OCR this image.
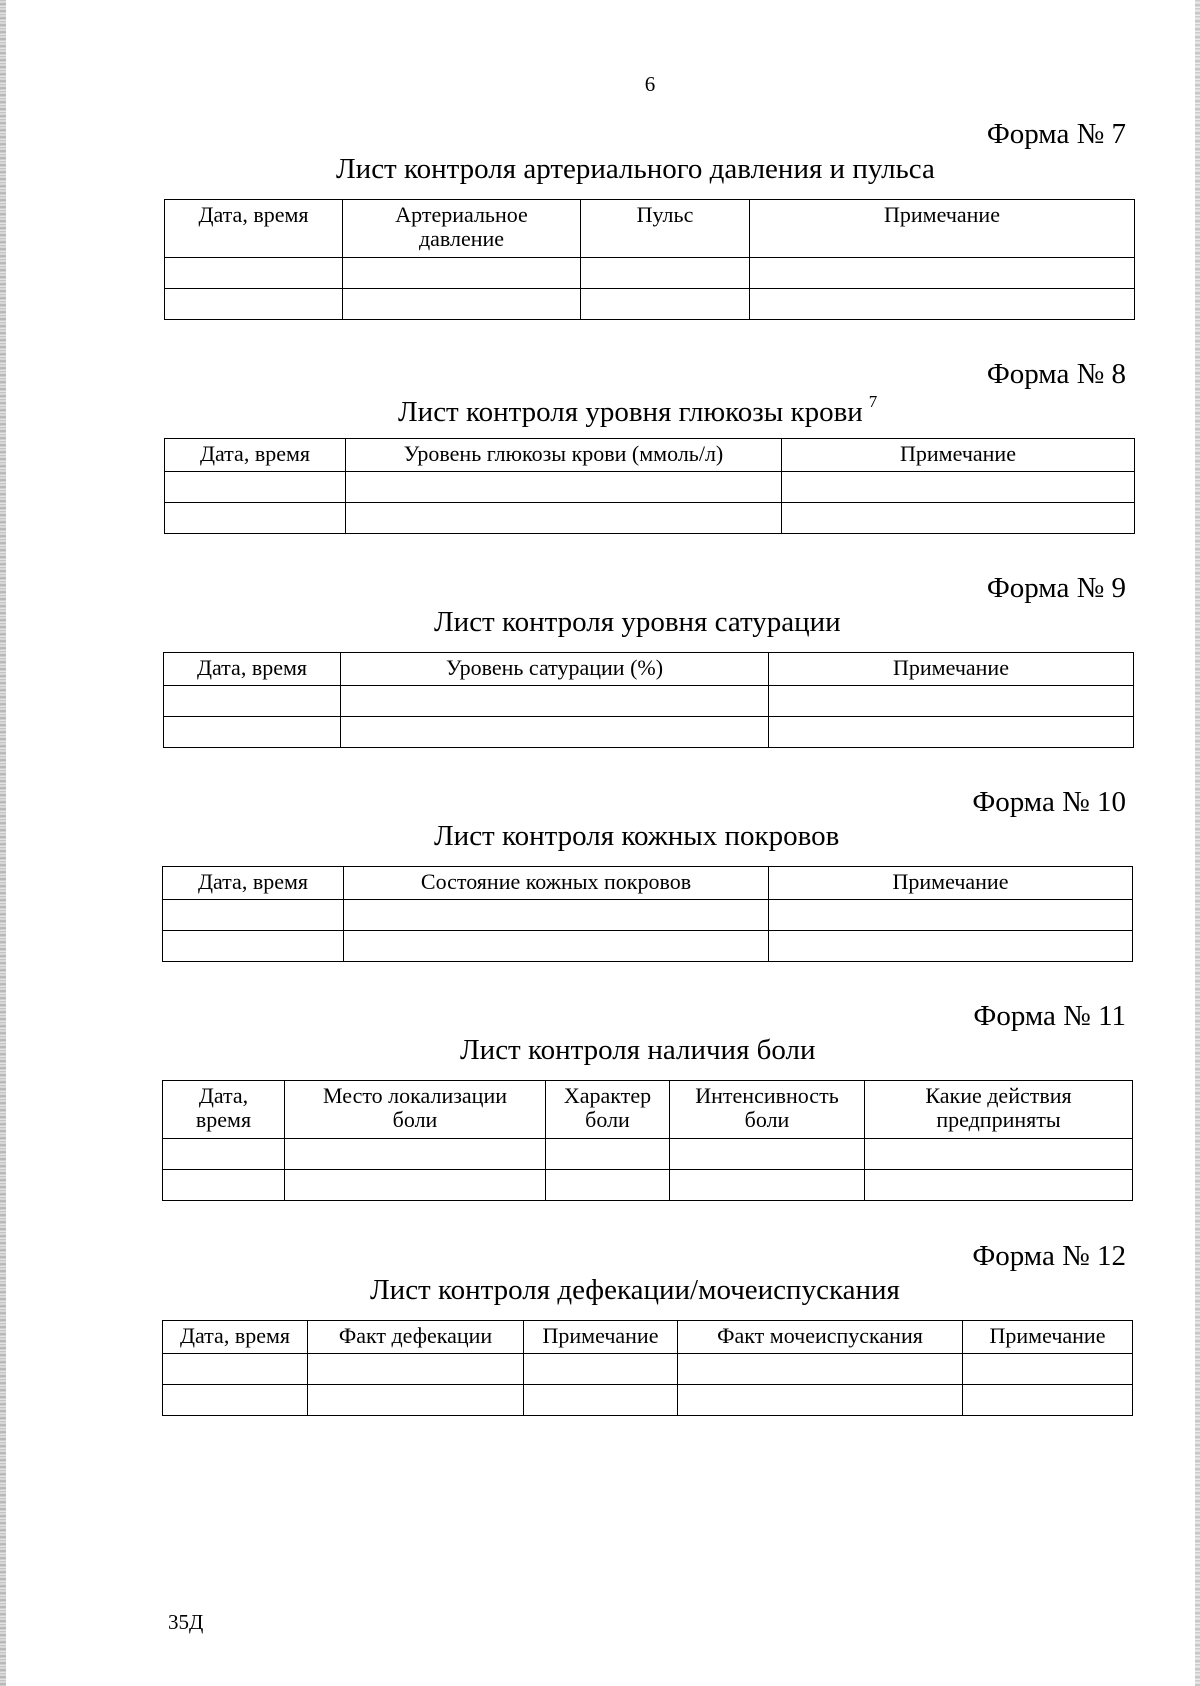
6
Форма № 7
Лист контроля артериального давления и пульса
Дата, время	Артериальное давление	Пульс	Примечание

Форма № 8
Лист контроля уровня глюкозы крови $^7$
Дата, время	Уровень глюкозы крови (ммоль/л)	Примечание

Форма № 9
Лист контроля уровня сатурации
Дата, время	Уровень сатурации (%)	Примечание

Форма № 10
Лист контроля кожных покровов
Дата, время	Состояние кожных покровов	Примечание

Форма № 11
Лист контроля наличия боли
Дата, время	Место локализации боли	Характер боли	Интенсивность боли	Какие действия предприняты

Форма № 12
Лист контроля дефекации/мочеиспускания
Дата, время	Факт дефекации	Примечание	Факт мочеиспускания	Примечание

35Д
